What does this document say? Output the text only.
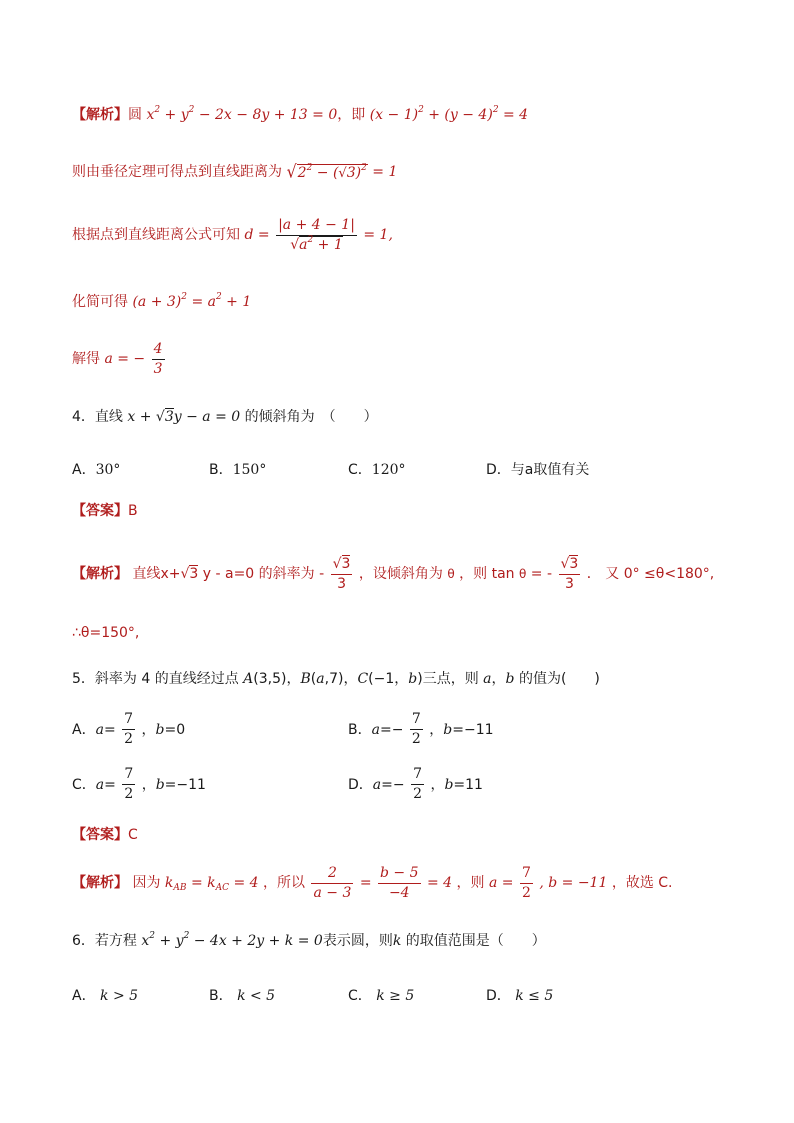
【解析】圆 $x^2 + y^2 - 2x - 8y + 13 = 0$，即 $(x - 1)^2 + (y - 4)^2 = 4$
则由垂径定理可得点到直线距离为 √ $2^2 - (√3)^2 = 1$
根据点到直线距离公式可知 $d = \frac{|a + 4 - 1|}{√a^2 + 1} = 1$,
化简可得 $(a + 3)^2 = a^2 + 1$
解得 a = − $\frac{4}{3}$
4．直线 x + √3y − a = 0 的倾斜角为　（　　）
A．30°	B．150°	C．120°	D．与a取值有关
【答案】B
【解析】 直线x+√3 y - a=0 的斜率为 - $\frac{√3}{3}$ ，设倾斜角为 θ ，则 tan θ = - $\frac{√3}{3}$ ． 又 0° ≤θ<180°,
∴θ=150°,
5．斜率为 4 的直线经过点 A(3,5)，B(a,7)，C(−1，b)三点，则 a，b 的值为(　　)
A．$a= \frac{7}{2}$ ，b=0	B．$a=- \frac{7}{2}$ ，b=−11
C．$a= \frac{7}{2}$ ，b=−11	D．$a=- \frac{7}{2}$ ，b=11
【答案】C
【解析】 因为 $k_{AB} = k_{AC} = 4$ ，所以 $\frac{2}{a - 3} = \frac{b - 5}{-4} = 4$ ，则 $a = \frac{7}{2}$ , b = −11 ，故选 C.
6．若方程 $x^2 + y^2 - 4x + 2y + k = 0$表示圆，则k 的取值范围是（　　）
A． k > 5	B． k < 5	C． k ≥ 5	D． k ≤ 5
